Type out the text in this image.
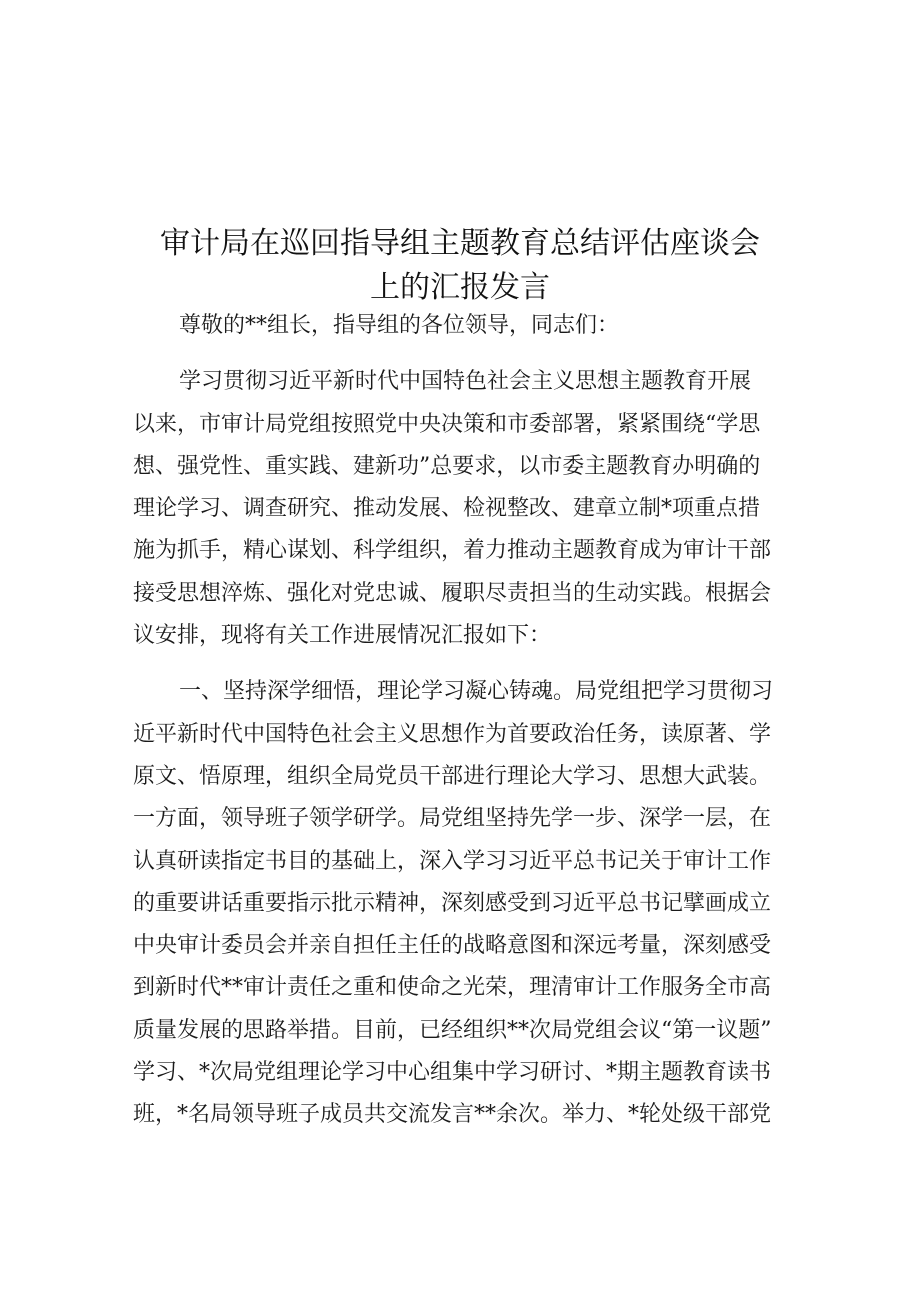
审计局在巡回指导组主题教育总结评估座谈会
上的汇报发言
尊敬的**组长，指导组的各位领导，同志们：
学习贯彻习近平新时代中国特色社会主义思想主题教育开展
以来，市审计局党组按照党中央决策和市委部署，紧紧围绕“学思
想、强党性、重实践、建新功”总要求，以市委主题教育办明确的
理论学习、调查研究、推动发展、检视整改、建章立制*项重点措
施为抓手，精心谋划、科学组织，着力推动主题教育成为审计干部
接受思想淬炼、强化对党忠诚、履职尽责担当的生动实践。根据会
议安排，现将有关工作进展情况汇报如下：
一、坚持深学细悟，理论学习凝心铸魂。局党组把学习贯彻习
近平新时代中国特色社会主义思想作为首要政治任务，读原著、学
原文、悟原理，组织全局党员干部进行理论大学习、思想大武装。
一方面，领导班子领学研学。局党组坚持先学一步、深学一层，在
认真研读指定书目的基础上，深入学习习近平总书记关于审计工作
的重要讲话重要指示批示精神，深刻感受到习近平总书记擘画成立
中央审计委员会并亲自担任主任的战略意图和深远考量，深刻感受
到新时代**审计责任之重和使命之光荣，理清审计工作服务全市高
质量发展的思路举措。目前，已经组织**次局党组会议“第一议题”
学习、*次局党组理论学习中心组集中学习研讨、*期主题教育读书
班，*名局领导班子成员共交流发言**余次。举力、*轮处级干部党
